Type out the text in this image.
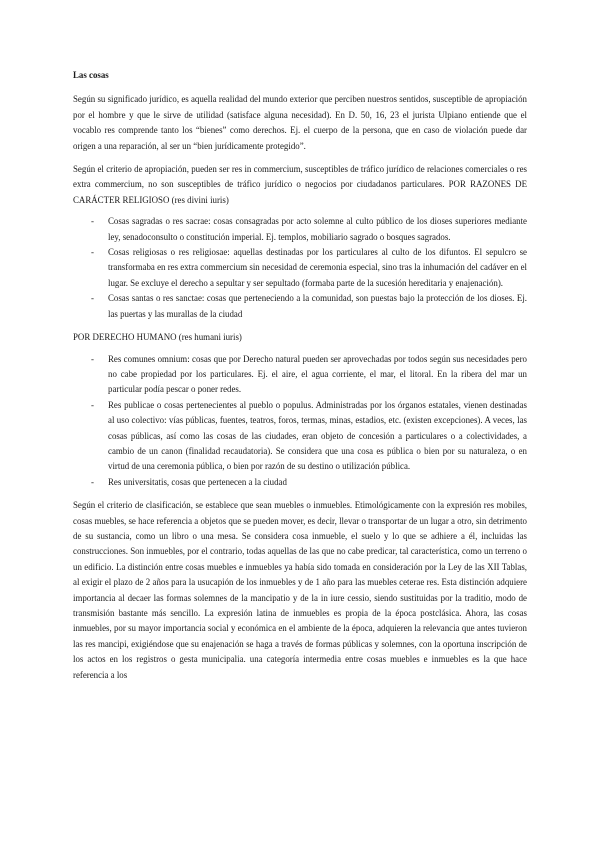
Las cosas

Según su significado jurídico, es aquella realidad del mundo exterior que perciben nuestros sentidos, susceptible de apropiación por el hombre y que le sirve de utilidad (satisface alguna necesidad). En D. 50, 16, 23 el jurista Ulpiano entiende que el vocablo res comprende tanto los “bienes” como derechos. Ej. el cuerpo de la persona, que en caso de violación puede dar origen a una reparación, al ser un “bien jurídicamente protegido”.

Según el criterio de apropiación, pueden ser res in commercium, susceptibles de tráfico jurídico de relaciones comerciales o res extra commercium, no son susceptibles de tráfico jurídico o negocios por ciudadanos particulares. POR RAZONES DE CARÁCTER RELIGIOSO (res divini iuris)

- Cosas sagradas o res sacrae: cosas consagradas por acto solemne al culto público de los dioses superiores mediante ley, senadoconsulto o constitución imperial. Ej. templos, mobiliario sagrado o bosques sagrados.
- Cosas religiosas o res religiosae: aquellas destinadas por los particulares al culto de los difuntos. El sepulcro se transformaba en res extra commercium sin necesidad de ceremonia especial, sino tras la inhumación del cadáver en el lugar. Se excluye el derecho a sepultar y ser sepultado (formaba parte de la sucesión hereditaria y enajenación).
- Cosas santas o res sanctae: cosas que perteneciendo a la comunidad, son puestas bajo la protección de los dioses. Ej. las puertas y las murallas de la ciudad

POR DERECHO HUMANO (res humani iuris)

- Res comunes omnium: cosas que por Derecho natural pueden ser aprovechadas por todos según sus necesidades pero no cabe propiedad por los particulares. Ej. el aire, el agua corriente, el mar, el litoral. En la ribera del mar un particular podía pescar o poner redes.
- Res publicae o cosas pertenecientes al pueblo o populus. Administradas por los órganos estatales, vienen destinadas al uso colectivo: vías públicas, fuentes, teatros, foros, termas, minas, estadios, etc. (existen excepciones). A veces, las cosas públicas, así como las cosas de las ciudades, eran objeto de concesión a particulares o a colectividades, a cambio de un canon (finalidad recaudatoria). Se considera que una cosa es pública o bien por su naturaleza, o en virtud de una ceremonia pública, o bien por razón de su destino o utilización pública.
- Res universitatis, cosas que pertenecen a la ciudad

Según el criterio de clasificación, se establece que sean muebles o inmuebles. Etimológicamente con la expresión res mobiles, cosas muebles, se hace referencia a objetos que se pueden mover, es decir, llevar o transportar de un lugar a otro, sin detrimento de su sustancia, como un libro o una mesa. Se considera cosa inmueble, el suelo y lo que se adhiere a él, incluidas las construcciones. Son inmuebles, por el contrario, todas aquellas de las que no cabe predicar, tal característica, como un terreno o un edificio. La distinción entre cosas muebles e inmuebles ya había sido tomada en consideración por la Ley de las XII Tablas, al exigir el plazo de 2 años para la usucapión de los inmuebles y de 1 año para las muebles ceterae res. Esta distinción adquiere importancia al decaer las formas solemnes de la mancipatio y de la in iure cessio, siendo sustituidas por la traditio, modo de transmisión bastante más sencillo. La expresión latina de inmuebles es propia de la época postclásica. Ahora, las cosas inmuebles, por su mayor importancia social y económica en el ambiente de la época, adquieren la relevancia que antes tuvieron las res mancipi, exigiéndose que su enajenación se haga a través de formas públicas y solemnes, con la oportuna inscripción de los actos en los registros o gesta municipalia. una categoría intermedia entre cosas muebles e inmuebles es la que hace referencia a los
